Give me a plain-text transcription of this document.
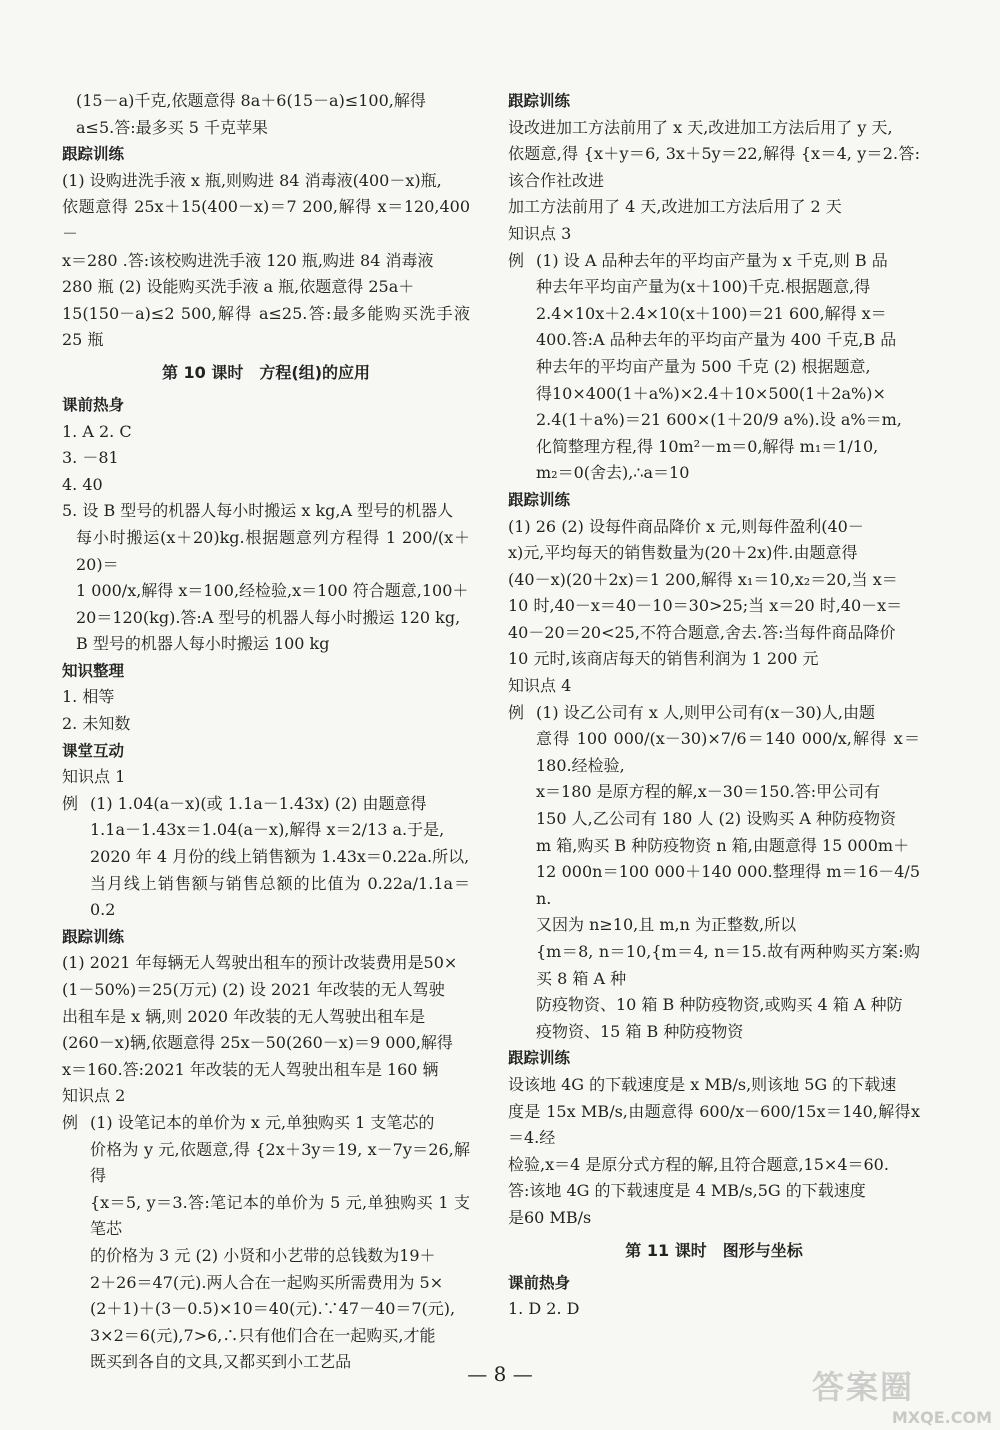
(15－a)千克,依题意得 8a＋6(15－a)≤100,解得

a≤5.答:最多买 5 千克苹果

跟踪训练

(1) 设购进洗手液 x 瓶,则购进 84 消毒液(400－x)瓶,

依题意得 25x＋15(400－x)＝7 200,解得 x＝120,400－

x＝280 .答:该校购进洗手液 120 瓶,购进 84 消毒液

280 瓶 (2) 设能购买洗手液 a 瓶,依题意得 25a＋

15(150－a)≤2 500,解得 a≤25.答:最多能购买洗手液 25 瓶

第 10 课时　方程(组)的应用

课前热身

1. A 2. C

3. －81

4. 40

5. 设 B 型号的机器人每小时搬运 x kg,A 型号的机器人

每小时搬运(x＋20)kg.根据题意列方程得 1 200/(x＋20)＝

1 000/x,解得 x＝100,经检验,x＝100 符合题意,100＋

20＝120(kg).答:A 型号的机器人每小时搬运 120 kg,

B 型号的机器人每小时搬运 100 kg

知识整理

1. 相等

2. 未知数

课堂互动

知识点 1

例 (1) 1.04(a－x)(或 1.1a－1.43x) (2) 由题意得

1.1a－1.43x＝1.04(a－x),解得 x＝2/13 a.于是,

2020 年 4 月份的线上销售额为 1.43x＝0.22a.所以,

当月线上销售额与销售总额的比值为 0.22a/1.1a＝0.2

跟踪训练

(1) 2021 年每辆无人驾驶出租车的预计改装费用是50×

(1－50%)＝25(万元) (2) 设 2021 年改装的无人驾驶

出租车是 x 辆,则 2020 年改装的无人驾驶出租车是

(260－x)辆,依题意得 25x－50(260－x)＝9 000,解得

x＝160.答:2021 年改装的无人驾驶出租车是 160 辆

知识点 2

例 (1) 设笔记本的单价为 x 元,单独购买 1 支笔芯的

价格为 y 元,依题意,得 {2x＋3y＝19, x－7y＝26,解得

{x＝5, y＝3.答:笔记本的单价为 5 元,单独购买 1 支笔芯

的价格为 3 元 (2) 小贤和小艺带的总钱数为19＋

2＋26＝47(元).两人合在一起购买所需费用为 5×

(2＋1)＋(3－0.5)×10＝40(元).∵47－40＝7(元),

3×2＝6(元),7>6,∴只有他们合在一起购买,才能

既买到各自的文具,又都买到小工艺品

跟踪训练

设改进加工方法前用了 x 天,改进加工方法后用了 y 天,

依题意,得 {x＋y＝6, 3x＋5y＝22,解得 {x＝4, y＝2.答:该合作社改进

加工方法前用了 4 天,改进加工方法后用了 2 天

知识点 3

例 (1) 设 A 品种去年的平均亩产量为 x 千克,则 B 品

种去年平均亩产量为(x＋100)千克.根据题意,得

2.4×10x＋2.4×10(x＋100)＝21 600,解得 x＝

400.答:A 品种去年的平均亩产量为 400 千克,B 品

种去年的平均亩产量为 500 千克 (2) 根据题意,

得10×400(1＋a%)×2.4＋10×500(1＋2a%)×

2.4(1＋a%)＝21 600×(1＋20/9 a%).设 a%＝m,

化简整理方程,得 10m²－m＝0,解得 m₁＝1/10,

m₂＝0(舍去),∴a＝10

跟踪训练

(1) 26 (2) 设每件商品降价 x 元,则每件盈利(40－

x)元,平均每天的销售数量为(20＋2x)件.由题意得

(40－x)(20＋2x)＝1 200,解得 x₁＝10,x₂＝20,当 x＝

10 时,40－x＝40－10＝30>25;当 x＝20 时,40－x＝

40－20＝20<25,不符合题意,舍去.答:当每件商品降价

10 元时,该商店每天的销售利润为 1 200 元

知识点 4

例 (1) 设乙公司有 x 人,则甲公司有(x－30)人,由题

意得 100 000/(x－30)×7/6＝140 000/x,解得 x＝180.经检验,

x＝180 是原方程的解,x－30＝150.答:甲公司有

150 人,乙公司有 180 人 (2) 设购买 A 种防疫物资

m 箱,购买 B 种防疫物资 n 箱,由题意得 15 000m＋

12 000n＝100 000＋140 000.整理得 m＝16－4/5 n.

又因为 n≥10,且 m,n 为正整数,所以

{m＝8, n＝10,{m＝4, n＝15.故有两种购买方案:购买 8 箱 A 种

防疫物资、10 箱 B 种防疫物资,或购买 4 箱 A 种防

疫物资、15 箱 B 种防疫物资

跟踪训练

设该地 4G 的下载速度是 x MB/s,则该地 5G 的下载速

度是 15x MB/s,由题意得 600/x－600/15x＝140,解得x＝4.经

检验,x＝4 是原分式方程的解,且符合题意,15×4＝60.

答:该地 4G 的下载速度是 4 MB/s,5G 的下载速度

是60 MB/s

第 11 课时　图形与坐标

课前热身

1. D 2. D

— 8 —	答案圈
MXQE.COM
